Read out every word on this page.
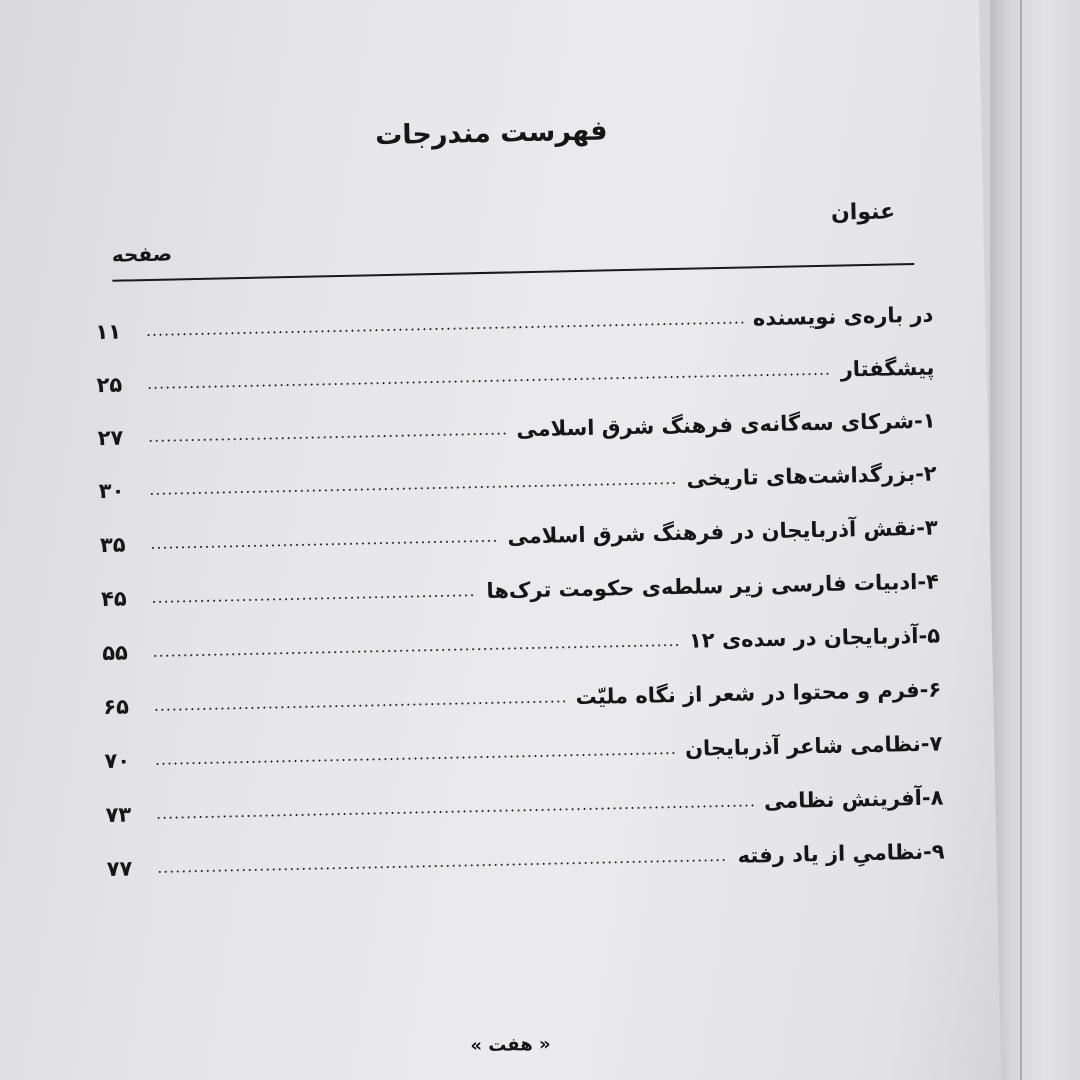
فهرست مندرجات
عنوان
صفحه
در باره‌ی نویسنده
۱۱
پیشگفتار
۲۵
۱-شرکای سه‌گانه‌ی فرهنگ شرق اسلامی
۲۷
۲-بزرگداشت‌های تاریخی
۳۰
۳-نقش آذربایجان در فرهنگ شرق اسلامی
۳۵
۴-ادبیات فارسی زیر سلطه‌ی حکومت ترک‌ها
۴۵
۵-آذربایجان در سده‌ی ۱۲
۵۵
۶-فرم و محتوا در شعر از نگاه ملیّت
۶۵
۷-نظامی شاعر آذربایجان
۷۰
۸-آفرینش نظامی
۷۳
۹-نظامیِ از یاد رفته
۷۷
« هفت »
